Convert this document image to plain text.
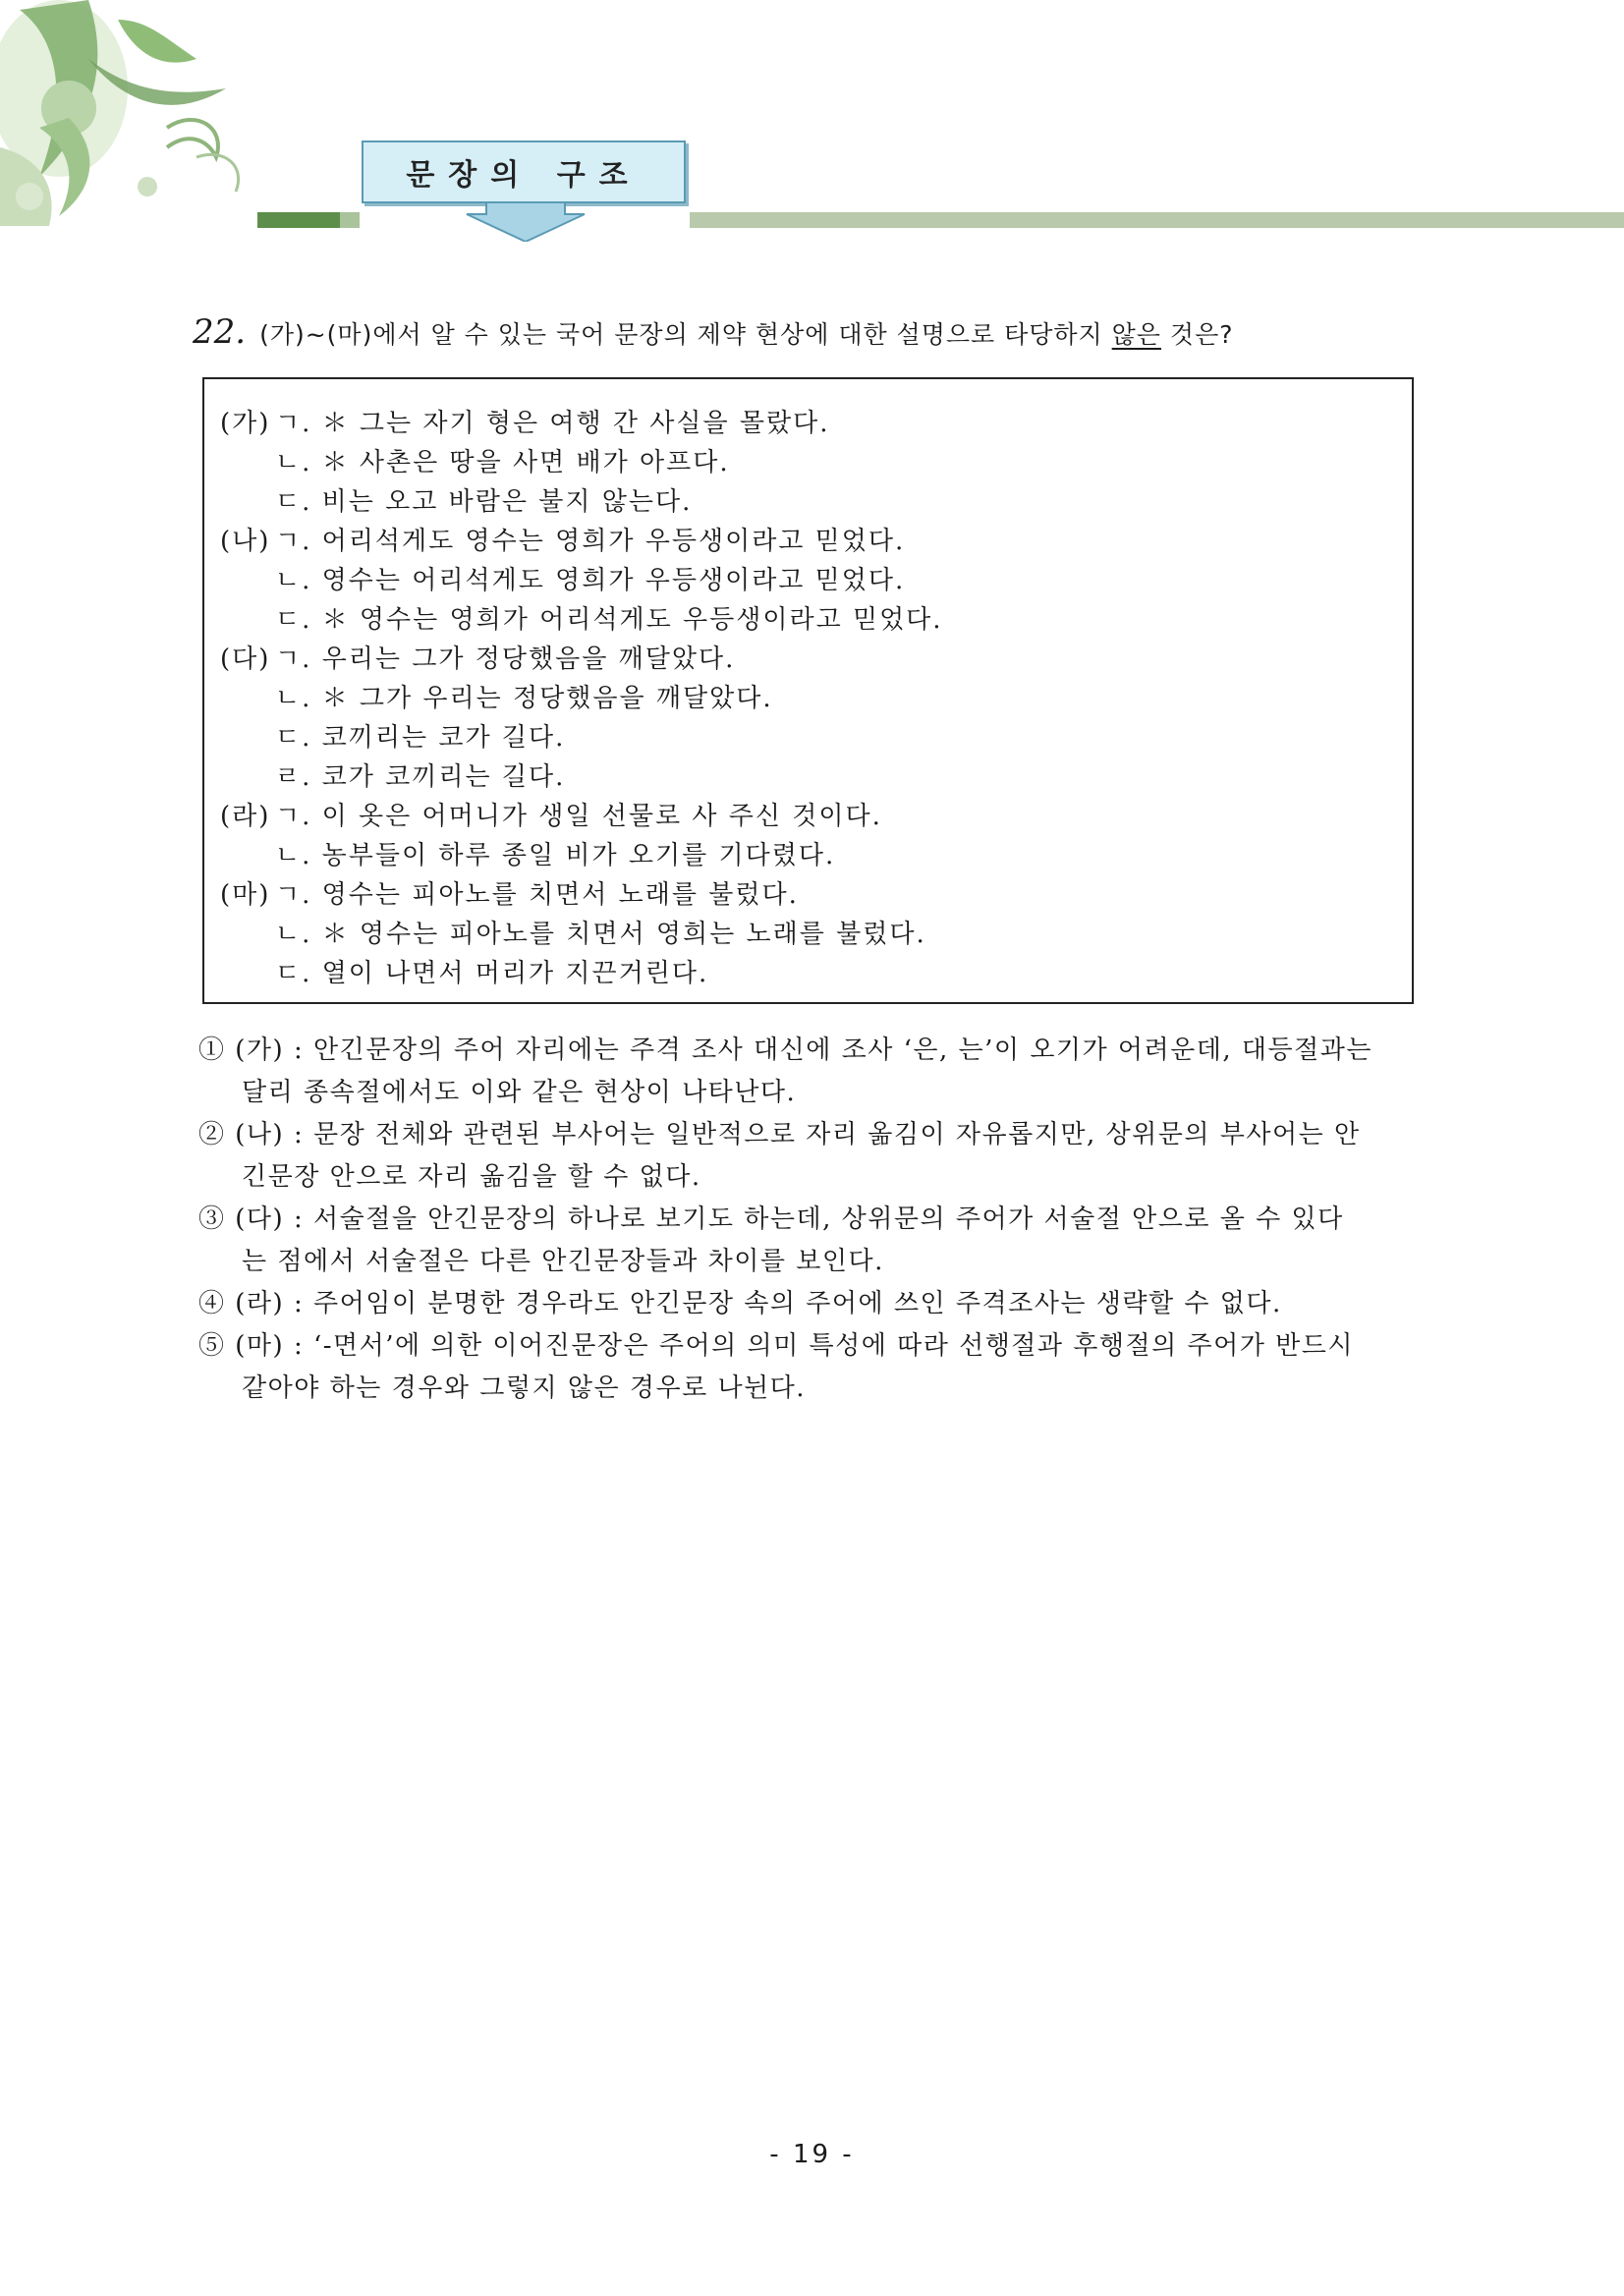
문장의 구조
22. (가)~(마)에서 알 수 있는 국어 문장의 제약 현상에 대한 설명으로 타당하지 않은 것은?
(가) ㄱ. ＊ 그는 자기 형은 여행 간 사실을 몰랐다.
ㄴ. ＊ 사촌은 땅을 사면 배가 아프다.
ㄷ. 비는 오고 바람은 불지 않는다.
(나) ㄱ. 어리석게도 영수는 영희가 우등생이라고 믿었다.
ㄴ. 영수는 어리석게도 영희가 우등생이라고 믿었다.
ㄷ. ＊ 영수는 영희가 어리석게도 우등생이라고 믿었다.
(다) ㄱ. 우리는 그가 정당했음을 깨달았다.
ㄴ. ＊ 그가 우리는 정당했음을 깨달았다.
ㄷ. 코끼리는 코가 길다.
ㄹ. 코가 코끼리는 길다.
(라) ㄱ. 이 옷은 어머니가 생일 선물로 사 주신 것이다.
ㄴ. 농부들이 하루 종일 비가 오기를 기다렸다.
(마) ㄱ. 영수는 피아노를 치면서 노래를 불렀다.
ㄴ. ＊ 영수는 피아노를 치면서 영희는 노래를 불렀다.
ㄷ. 열이 나면서 머리가 지끈거린다.
① (가) : 안긴문장의 주어 자리에는 주격 조사 대신에 조사 ‘은, 는’이 오기가 어려운데, 대등절과는
달리 종속절에서도 이와 같은 현상이 나타난다.
② (나) : 문장 전체와 관련된 부사어는 일반적으로 자리 옮김이 자유롭지만, 상위문의 부사어는 안
긴문장 안으로 자리 옮김을 할 수 없다.
③ (다) : 서술절을 안긴문장의 하나로 보기도 하는데, 상위문의 주어가 서술절 안으로 올 수 있다
는 점에서 서술절은 다른 안긴문장들과 차이를 보인다.
④ (라) : 주어임이 분명한 경우라도 안긴문장 속의 주어에 쓰인 주격조사는 생략할 수 없다.
⑤ (마) : ‘-면서’에 의한 이어진문장은 주어의 의미 특성에 따라 선행절과 후행절의 주어가 반드시
같아야 하는 경우와 그렇지 않은 경우로 나뉜다.
- 19 -
